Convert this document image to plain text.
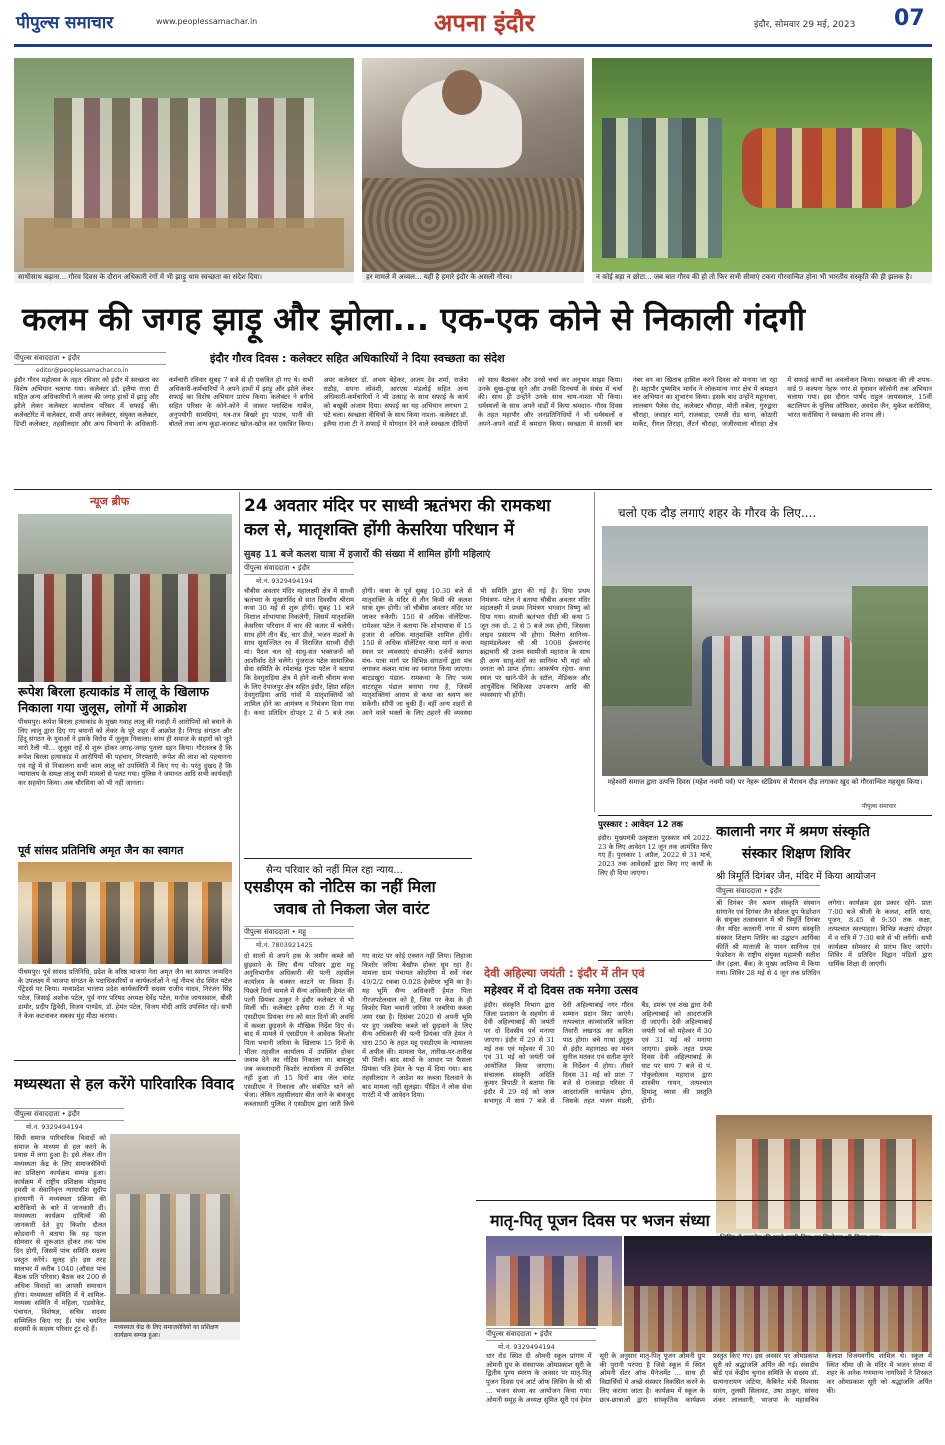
पीपुल्स समाचार	www.peoplessamachar.in	अपना इंदौर	इंदौर, सोमवार 29 मई, 2023 07
साथीसाथ बढ़ाना... गौरव दिवस के दौरान अधिकारी रंगों में भी झाड़ू थाम स्वच्छता का संदेश दिया।	हर मामले में अव्वल... यहीं है हमारे इंदौर के असली गौरव।	न कोई बड़ा न छोटा... जब बात गौरव की हो तो फिर सभी सीमाएं टकरा गौरवान्वित होना भी भारतीय संस्कृति की ही झलक है।
कलम की जगह झाड़ू और झोला... एक-एक कोने से निकाली गंदगी
पीपुल्स संवाददाता • इंदौर
editor@peoplessamachar.co.in
इंदौर गौरव दिवस : कलेक्टर सहित अधिकारियों ने दिया स्वच्छता का संदेश
इंदौर गौरव महोत्सव के तहत रविवार को इंदौर में स्वच्छता का विशेष अभियान चलाया गया। कलेक्टर डॉ. इलैया राजा टी सहित अन्य अधिकारियों ने कलम की जगह हाथों में झाड़ू और झोले लेकर कलेक्टर कार्यालय परिसर में सफाई की। कलेक्टोरेट में कलेक्टर, सभी अपर कलेक्टर, संयुक्त कलेक्टर, डिप्टी कलेक्टर, तहसीलदार और अन्य विभागों के अधिकारी-कर्मचारी रविवार सुबह 7 बजे से ही एकत्रित हो गए थे। सभी अधिकारी-कर्मचारियों ने अपने हाथों में झाड़ू और झोले लेकर सफाई का विशेष अभियान प्रारंभ किया। कलेक्टर ने बगीचे सहित परिसर के कोने-कोने में जाकर प्लास्टिक गार्बेज, अनुपयोगी सामग्रियां, यत्र-तत्र बिखरे हुए पाउच, पानी की बोतलें तथा अन्य कूड़ा-करकट खोज-खोज कर एकत्रित किया। अपर कलेक्टर डॉ. अभय बेड़ेकर, अजय देव शर्मा, राजेश राठौड़, सपना लोवंशी, आरएस मंडलोई सहित अन्य अधिकारी-कर्मचारियों ने भी उत्साह के साथ सफाई के कार्य को बखूबी अंजाम दिया। सफाई का यह अभियान लगभग 2 घंटे चला। स्वच्छता वीथियों के साथ किया नाश्ता- कलेक्टर डॉ. इलैया राजा टी ने सफाई में योगदान देने वाले स्वच्छता दीदियों को साथ बैठाकर और उनसे चर्चा कर अनुभव साझा किया। उनके सुख-दुःख सुने और उनकी दिनचर्या के संबंध में चर्चा की। साथ ही उन्होंने उनके साथ चाय-नाश्ता भी किया। धर्मस्थलों के साथ अपने वार्डों में किया श्रमदान- गौरव दिवस के तहत महापौर और जनप्रतिनिधियों ने भी धर्मस्थलों व अपने-अपने वार्डों में श्रमदान किया। स्वच्छता में सातवीं बार नंबर वन का खिताब हासिल करने दिवस को मनाया जा रहा है। महापौर पुष्यमित्र भार्गव ने लोकमान्य नगर क्षेत्र में श्रमदान कर अभियान का शुभारंभ किया। इसके बाद उन्होंने महूनाका, लालबाग पैलेस रोड, कलेक्टर चौराहा, मोती तबेला, गुरुद्वारा चौराहा, जवाहर मार्ग, राजबाड़ा, एमजी रोड थाना, कोठारी मार्केट, रीगल तिराहा, लैंटर्न चौराहा, जंजीरवाला चौराहा क्षेत्र में सफाई कार्यों का अवलोकन किया। स्वच्छता की ली शपथ- वार्ड 9 कल्पना नेहरू नगर से युवावन कॉलोनी तक अभियान चलाया गया। इस दौरान पार्षद राहुल जायसवाल, 15वीं बटालियन के पुलिस ऑफिसर, अवधेश जैन, मुकेश करोसिया, भारत करोसिया ने स्वच्छता की शपथ ली।
न्यूज ब्रीफ
रूपेश बिरला हत्याकांड में लालू के खिलाफ निकाला गया जुलूस, लोगों में आक्रोश
पीथमपुर। रूपेश बिरला हत्याकांड के मुख्य गवाह लालू की गवाही में आरोपियों को बचाने के लिए लालू द्वारा दिए गए बयानों को लेकर के पूरे शहर में आक्रोश है। निगाड़ संगठन और हिंदू संगठन के युवाओं ने इसके विरोध में जुलूस निकाला। साथ ही समाज के सहारों को जूते मारो रैली भी... जुलूस राहें से शुरू होकर जगह-जगह पुतला दहन किया। गौरतलब है कि रूपेश बिरला हत्याकांड में आरोपियों की पहचान, गिरफ्तारी, रूपेश की लाश को पहचानना एवं गड्ढे में से निकालना सभी काम लालू को उपस्थिति में किए गए थे। परंतु दुखद है कि न्यायालय के समक्ष लालू सभी मामलों से पलट गया। पुलिस ने जमानत आदि सभी कार्यवाही कर सहयोग किया। अब चौरसिया को भी नहीं जानता।
पूर्व सांसद प्रतिनिधि अमृत जैन का स्वागत
पीथमपुर। पूर्व सांसद प्रतिनिधि, प्रदेश के वरिष्ठ भाजपा नेता अमृत जैन का स्वागत जन्मदिन के उपलक्ष्य में भाजपा संगठन के पदाधिकारियों व कार्यकर्ताओं ने नई नीमच रोड स्थित पटेल पेंट्रेडर्स पर किया। मध्यप्रदेश भाजपा प्रदेश कार्यकारिणी सदस्य राजीव यादव, निरंजन सिंह पटेल, जिसाई अशोक पटेल, पूर्व नगर परिषद अध्यक्ष देवेंद्र पटेल, मनोज जायसवाल, बीसी डामोर, प्रदीप द्विवेदी, विजय पाण्डेय, डॉ. हेमंत पटेल, विजय मोदी आदि उपस्थित रहे। सभी ने केक कटवाकर सबका मुंह मीठा कराया।
24 अवतार मंदिर पर साध्वी ऋतंभरा की रामकथा
कल से, मातृशक्ति होंगी केसरिया परिधान में
सुबह 11 बजे कलश यात्रा में हजारों की संख्या में शामिल होंगी महिलाएं
पीपुल्स संवाददाता • इंदौर
मो.नं. 9329494194
चौबीस अवतार मंदिर महालक्ष्मी क्षेत्र में साध्वी ऋतंभरा के मुखारविंद से सात दिवसीय श्रीराम कथा 30 मई से शुरू होगी। सुबह 11 बजे विशाल शोभायात्रा निकलेगी, जिसमें मातृशक्ति केसरिया परिधान में चार की कतार में चलेंगी। साथ होंगे तीन बैंड, चार डीजे, भजन मंडलों के साथ सुसज्जित रथ में विराजित साध्वी दीदी मां। पैदल चल रहे साधु-संत भक्तजनों को आशीर्वाद देते चलेंगे। पुंजराज पटेल सामाजिक सेवा समिति के रमेशचंद्र गुप्ता पटेल ने बताया कि देवगुराड़िया क्षेत्र में होने वाली श्रीराम कथा के लिए देपालपुर क्षेत्र सहित इंदौर, क्षिप्रा सहित देवगुराड़िया आदि गांवों में मातृशक्तियों को शामिल होने का आमंत्रण व निमंत्रण दिया गया है। कथा प्रतिदिन दोपहर 2 से 5 बजे तक होगी। कथा के पूर्व सुबह 10.30 बजे से मातृशक्ति के मंदिर से तीन किमी की कलश यात्रा शुरू होगी। जो चौबीस अवतार मंदिर पर जाकर रुकेगी। 150 से अधिक वॉलेंटियर- रामेश्वर पटेल ने बताया कि शोभायात्रा में 15 हजार से अधिक मातृशक्ति शामिल होंगी। 150 से अधिक वॉलेंटियर यात्रा मार्ग व कथा स्थल पर व्यवस्थाएं संभालेंगे। दर्जनों स्वागत मंच- यात्रा मार्ग पर विभिन्न संगठनों द्वारा मंच लगाकर कलश यात्रा का स्वागत किया जाएगा। बाटडखुरा पंडाल- रामकथा के लिए भव्य वाटरप्रूफ पंडाल बनाया गया है, जिसमें मातृशक्तियां आराम से कथा का श्रवण कर सकेंगी। सौंपी जा चुकी हैं। वहीं अन्य शहरों से आने वाले भक्तों के लिए ठहरने की व्यवस्था भी समिति द्वारा की गई है। दिया प्रथम निमंत्रण- पटेल ने बताया चौबीस अवतार मंदिर महालक्ष्मी में प्रथम निमंत्रण भगवान विष्णु को दिया गया। साध्वी ऋतंभरा दीदी की कथा 5 जून तक दो. 2 से 5 बजे तक होगी, जिसका लाइव प्रसारण भी होगा। मिलेगा सानिध्य- महामंडलेश्वर श्री श्री 1008 ईश्वरानंद ब्रह्मचारी श्री उत्तम स्वामीजी महाराज के साथ ही अन्य साधु-संतों का सानिध्य भी यहां को जनता को प्राप्त होगा। आकर्षण रहेगा- कथा स्थल पर खाने-पीने के स्टॉल, मेडिकल और आयुर्वेदिक चिकित्सा उपकरण आदि की व्यवस्थाएं भी होंगी।
सैन्य परिवार को नहीं मिल रहा न्याय...
एसडीएम को नोटिस का नहीं मिला
जवाब तो निकला जेल वारंट
पीपुल्स संवाददाता • महू
मो.नं. 7803921425
दो सालों से अपने हक के जमीन कब्जे को छुड़वाने के लिए सैन्य परिवार द्वारा महू अनुविभागीय अधिकारी की पत्नी तहसील कार्यालय के चक्कर काटने पर विवश हैं। पिछले दिनों मामले में सैन्य अधिकारी हेमंत की पत्नी प्रियंका ठाकुर ने इंदौर कलेक्टर से भी मिलीं थीं। कलेक्टर इलैया राजा टी ने महू एसडीएम प्रियंका रंगा को सात दिनों की अवधि में कब्जा छुड़वाने के मौखिक निर्देश दिए थे। बाद में मामले में एसडीएम ने आवेदक किशोर पिता भवानी जरिया के खिलाफ 15 दिनों के भीतर तहसील कार्यालय में उपस्थित होकर जवाब देने का नोटिस निकाला था। बावजूद जब कब्जाधारी किशोर कार्यालय में उपस्थित नहीं हुआ तो 15 दिनों बाद जेल वारंट एसडीएम ने निकाला और संबंधित थाने को भेजा। लेकिन तहसीलदार बीत जाने के बावजूद कब्जाधारी पुलिस ने एसडीएम द्वारा जारी किये गए वारंट पर कोई एक्शन नहीं लिया। लिहाजा किशोर जरिया बेखौफ होकर घूम रहा है। मामला ग्राम पंचायत कोदरिया में सर्वे नंबर 49/2/2 रकबा 0.028 हेक्टेयर भूमि का है। यह भूमि सैन्य अधिकारी हेमंत पिता नीरजपटेलवाल को है, जिस पर केस के ही किशोर पिता भवानी जरिया ने जबरिया कब्जा जमा रखा है। दिसंबर 2020 से अपनी भूमि पर हुए जबरिया कब्जे को छुड़वाने के लिए सैन्य अधिकारी की पत्नी प्रियंका पति हेमंत ने धारा 250 के तहत महू एसडीएम के न्यायालय में अपील की। मामला पेश, तारीख-पर-तारीख भी मिली। बाद साथों के आधार पर फैसला प्रियंका पति हेमंत के पक्ष में दिया गया। बाद तहसीलदार ने आदेश का कब्जा दिलवाने के बाद मामला नहीं सुलझा। पीड़ित ने लोक सेवा गारंटी में भी आवेदन दिया।
चलो एक दौड़ लगाएं शहर के गौरव के लिए....
महेश्वरी समाज द्वारा उत्पत्ति दिवस (महेश नवमी पर्व) पर नेहरू स्टेडियम से मैराथन दौड़ लगाकर खुद को गौरवान्वित महसूस किया।
पीपुल्स समाचार
पुरस्कार : आवेदन 12 तक
इंदौर। मुख्यमंत्री उत्कृष्टता पुरस्कार वर्ष 2022-23 के लिए आवेदन 12 जून तक आमंत्रित किए गए हैं। पुरस्कार 1 अप्रैल, 2022 से 31 मार्च, 2023 तक आवेदकों द्वारा किए गए कार्यों के लिए ही दिया जाएगा।
कालानी नगर में श्रमण संस्कृति
संस्कार शिक्षण शिविर
श्री त्रिमूर्ति दिगंबर जैन, मंदिर में किया आयोजन
पीपुल्स संवाददाता • इंदौर
श्री दिगंबर जैन श्रमण संस्कृति संस्थान सांगानेर एवं दिगंबर जैन सोशल ग्रुप फेडरेशन के संयुक्त तत्वावधान में श्री त्रिमूर्ति दिगंबर जैन मंदिर कालानी नगर में श्रमण संस्कृति संस्कार शिक्षण शिविर का उद्घाटन आर्यिका कीर्ति श्री माताजी के पावन सानिध्य एवं फेडरेशन के राष्ट्रीय संयुक्त महामंत्री सतीश जैन (इला. बैंक) के मुख्य आतिथ्य में किया गया। शिविर 28 मई से 4 जून तक प्रतिदिन लगेगा। कार्यक्रम इस प्रकार रहेंगे- प्रातः 7:00 बजे श्रीजी के कलश, शांति धारा, पूजन, 8.45 से 9:30 तक कक्षा, तत्पश्चात स्वल्पाहार। विभिन्न कक्षाएं दोपहर में व रात्रि में 7:30 बजे से भी लगेंगी। सभी कार्यक्रम सोमवार से प्रारंभ किए जाएंगे। शिविर में प्रतिदिन विद्वान पंडितों द्वारा धार्मिक शिक्षा दी जाएगी।
देवी अहिल्या जयंती : इंदौर में तीन एवं
महेश्वर में दो दिवस तक मनेगा उत्सव
इंदौर। संस्कृति विभाग द्वारा जिला प्रशासन के सहयोग से देवी अहिल्याबाई की जयंती पर दो दिवसीय पर्व मनाया जाएगा। इंदौर में 29 से 31 मई तक एवं महेश्वर में 30 एवं 31 मई को जयंती पर्व आयोजित किया जाएगा। संचालक संस्कृति अदिति कुमार त्रिपाठी ने बताया कि इंदौर में 29 मई को जाल सभागृह में सायं 7 बजे से देवी अहिल्याबाई नगर गौरव सम्मान प्रदान किए जाएंगे। तत्पश्चात काव्यांजलि कविता तिवारी लखनऊ का कविता पाठ होगा। बचे गाथा इंदुतुरु से इंदौर महानाट्य का मंचन सुनील मतकर एवं सतीश मुंगरे के निर्देशन में होगा। तीसरे दिवस 31 मई को प्रातः 7 बजे से राजवाड़ा परिसर में आदरांजलि कार्यक्रम होगा, जिसके तहत भजन मंडली, बैंड, डमरू एवं शंख द्वारा देवी अहिल्याबाई को आदरांजलि दी जाएगी। देवी अहिल्याबाई जयंती पर्व को महेश्वर में 30 एवं 31 मई को मनाया जाएगा। इसके तहत प्रथम दिवस देवी अहिल्याबाई के घाट पर सायं 7 बजे से पं. गोकुलोत्सव महाराज द्वारा शास्त्रीय गायन, तत्पश्चात हिमांशु व्यास की प्रस्तुति होगी।
मध्यस्थता से हल करेंगे पारिवारिक विवाद
पीपुल्स संवाददाता • इंदौर
मो.नं. 9329494194
सिंधी समाज पारिवारिक विवादों को समाज के माध्यम से हल करने के प्रयास में लगा हुआ है। इसे लेकर तीन मध्यस्थता केंद्र के लिए समाजसेवियों का प्रशिक्षण कार्यक्रम सम्पन्न हुआ। कार्यक्रम में राष्ट्रीय प्रशिक्षक मोहम्मद हमसी व सेवानिवृत्त न्यायाधीश सुदीप हारयाणी ने मध्यस्थता प्रक्रिया की बारीकियों के बारे में जानकारी दी। मध्यस्थता कार्यक्रम दायित्वों की जानकारी देते हुए किशोर दौलत कोडवानी ने बताया कि यह पहल सोमवार से शुरूआत होकर तक पांच दिन होगी, जिसमें पांच समिति सदस्य प्रस्तुत करेंगे। सुलह हो। इस तरह सालभर में करीब 1040 (औसत पांच बैठक प्रति परिवार) बैठक कर 200 से अधिक विवादों का आपसी समाधान होगा। मध्यस्थता समिति में ये शामिल- मध्यस्थ समिति में महिला, एडवोकेट, पंचायत, विशेषज्ञ, सचिव सदस्य सम्मिलित किए गए हैं। पांच चयनित सदस्यों के सदस्य परिवार टूट रहे हैं।	मध्यस्थता केंद्र के लिए समाजसेवियों का प्रशिक्षण कार्यक्रम सम्पन्न हुआ।
मातृ-पितृ पूजन दिवस पर भजन संध्या
पीपुल्स संवाददाता • इंदौर
मो.नं. 9329494194
धार रोड स्थित दी ओमनी स्कूल प्रांगण में ओमनी ग्रुप के संस्थापक ओमप्रकाश सूरी के द्वितीय पुण्य स्मरण के अवसर पर मातृ-पितृ पूजन दिवस एवं आर्ट ऑफ लिविंग के श्री श्री ... भजन संध्या का आयोजन किया गया। ओमनी समूह के अध्यक्ष सुमित सूरी एवं हेमंत सूरी के अनुसार मातृ-पितृ पूजन ओमनी ग्रुप की पुरानी परंपरा है जिसे स्कूल में स्थित ओमनी सेंटर ऑफ मैनेजमेंट ... साथ ही विद्यार्थियों में अच्छे संस्कार विकसित करने के लिए कराया जाता है। कार्यक्रम में स्कूल के छात्र-छात्राओं द्वारा सांस्कृतिक कार्यक्रम प्रस्तुत किए गए। इस अवसर पर ओमप्रकाश सूरी को श्रद्धांजलि अर्पित की गई। संसदीय बोर्ड एवं केंद्रीय चुनाव समिति के सदस्य डॉ. सत्यनारायण जटिया, कैबिनेट मंत्री विश्वास सारंग, तुलसी सिलावट, उषा ठाकुर, सांसद शंकर लालवानी, भाजपा के महासचिव कैलाश विजयवर्गीय शामिल थे। स्कूल में स्थित श्रीमा जी के मंदिर में भजन संध्या में शहर के अनेक गणमान्य नागरिकों ने शिरकत कर ओमप्रकाश सूरी को श्रद्धांजलि अर्पित की।
